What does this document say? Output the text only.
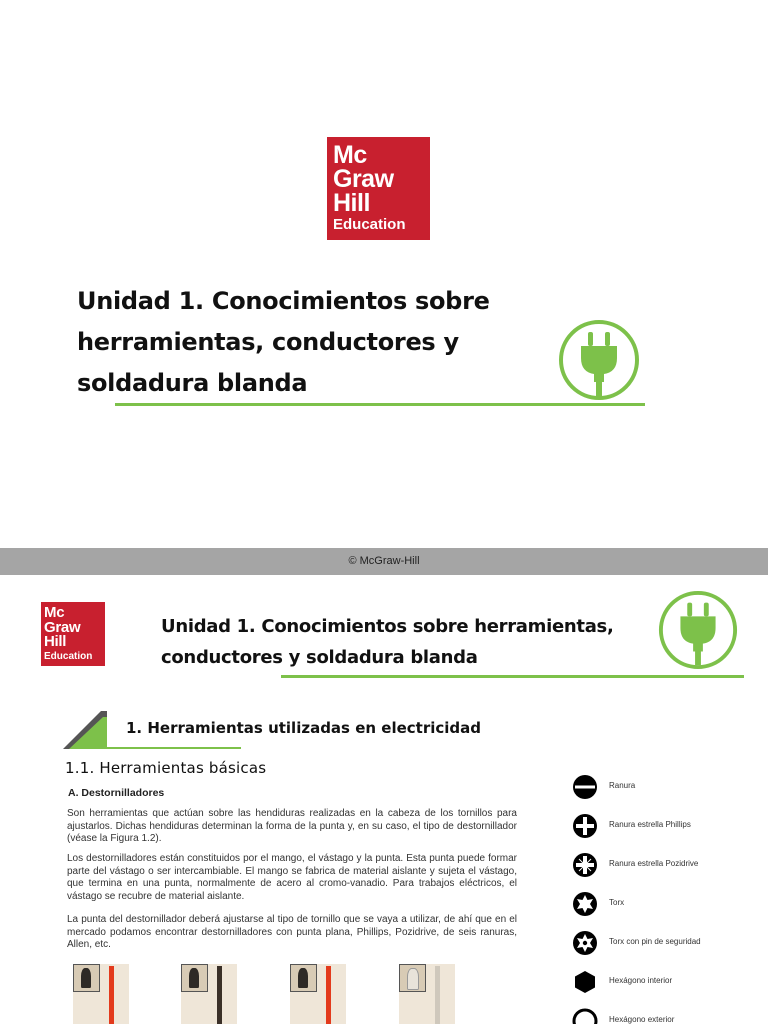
Mc
Graw
Hill
Education
Unidad 1. Conocimientos sobre herramientas, conductores y soldadura blanda
© McGraw-Hill
Mc
Graw
Hill
Education
Unidad 1. Conocimientos sobre herramientas, conductores y soldadura blanda
1. Herramientas utilizadas en electricidad
1.1. Herramientas básicas
A. Destornilladores

Son herramientas que actúan sobre las hendiduras realizadas en la cabeza de los tornillos para ajustarlos. Dichas hendiduras determinan la forma de la punta y, en su caso, el tipo de destornillador (véase la Figura 1.2).

Los destornilladores están constituidos por el mango, el vástago y la punta. Esta punta puede formar parte del vástago o ser intercambiable. El mango se fabrica de material aislante y sujeta el vástago, que termina en una punta, normalmente de acero al cromo-vanadio. Para trabajos eléctricos, el vástago se recubre de material aislante.

La punta del destornillador deberá ajustarse al tipo de tornillo que se vaya a utilizar, de ahí que en el mercado podamos encontrar destornilladores con punta plana, Phillips, Pozidrive, de seis ranuras, Allen, etc.

Ranura
Ranura estrella Phillips
Ranura estrella Pozidrive
Torx
Torx con pin de seguridad
Hexágono interior
Hexágono exterior
